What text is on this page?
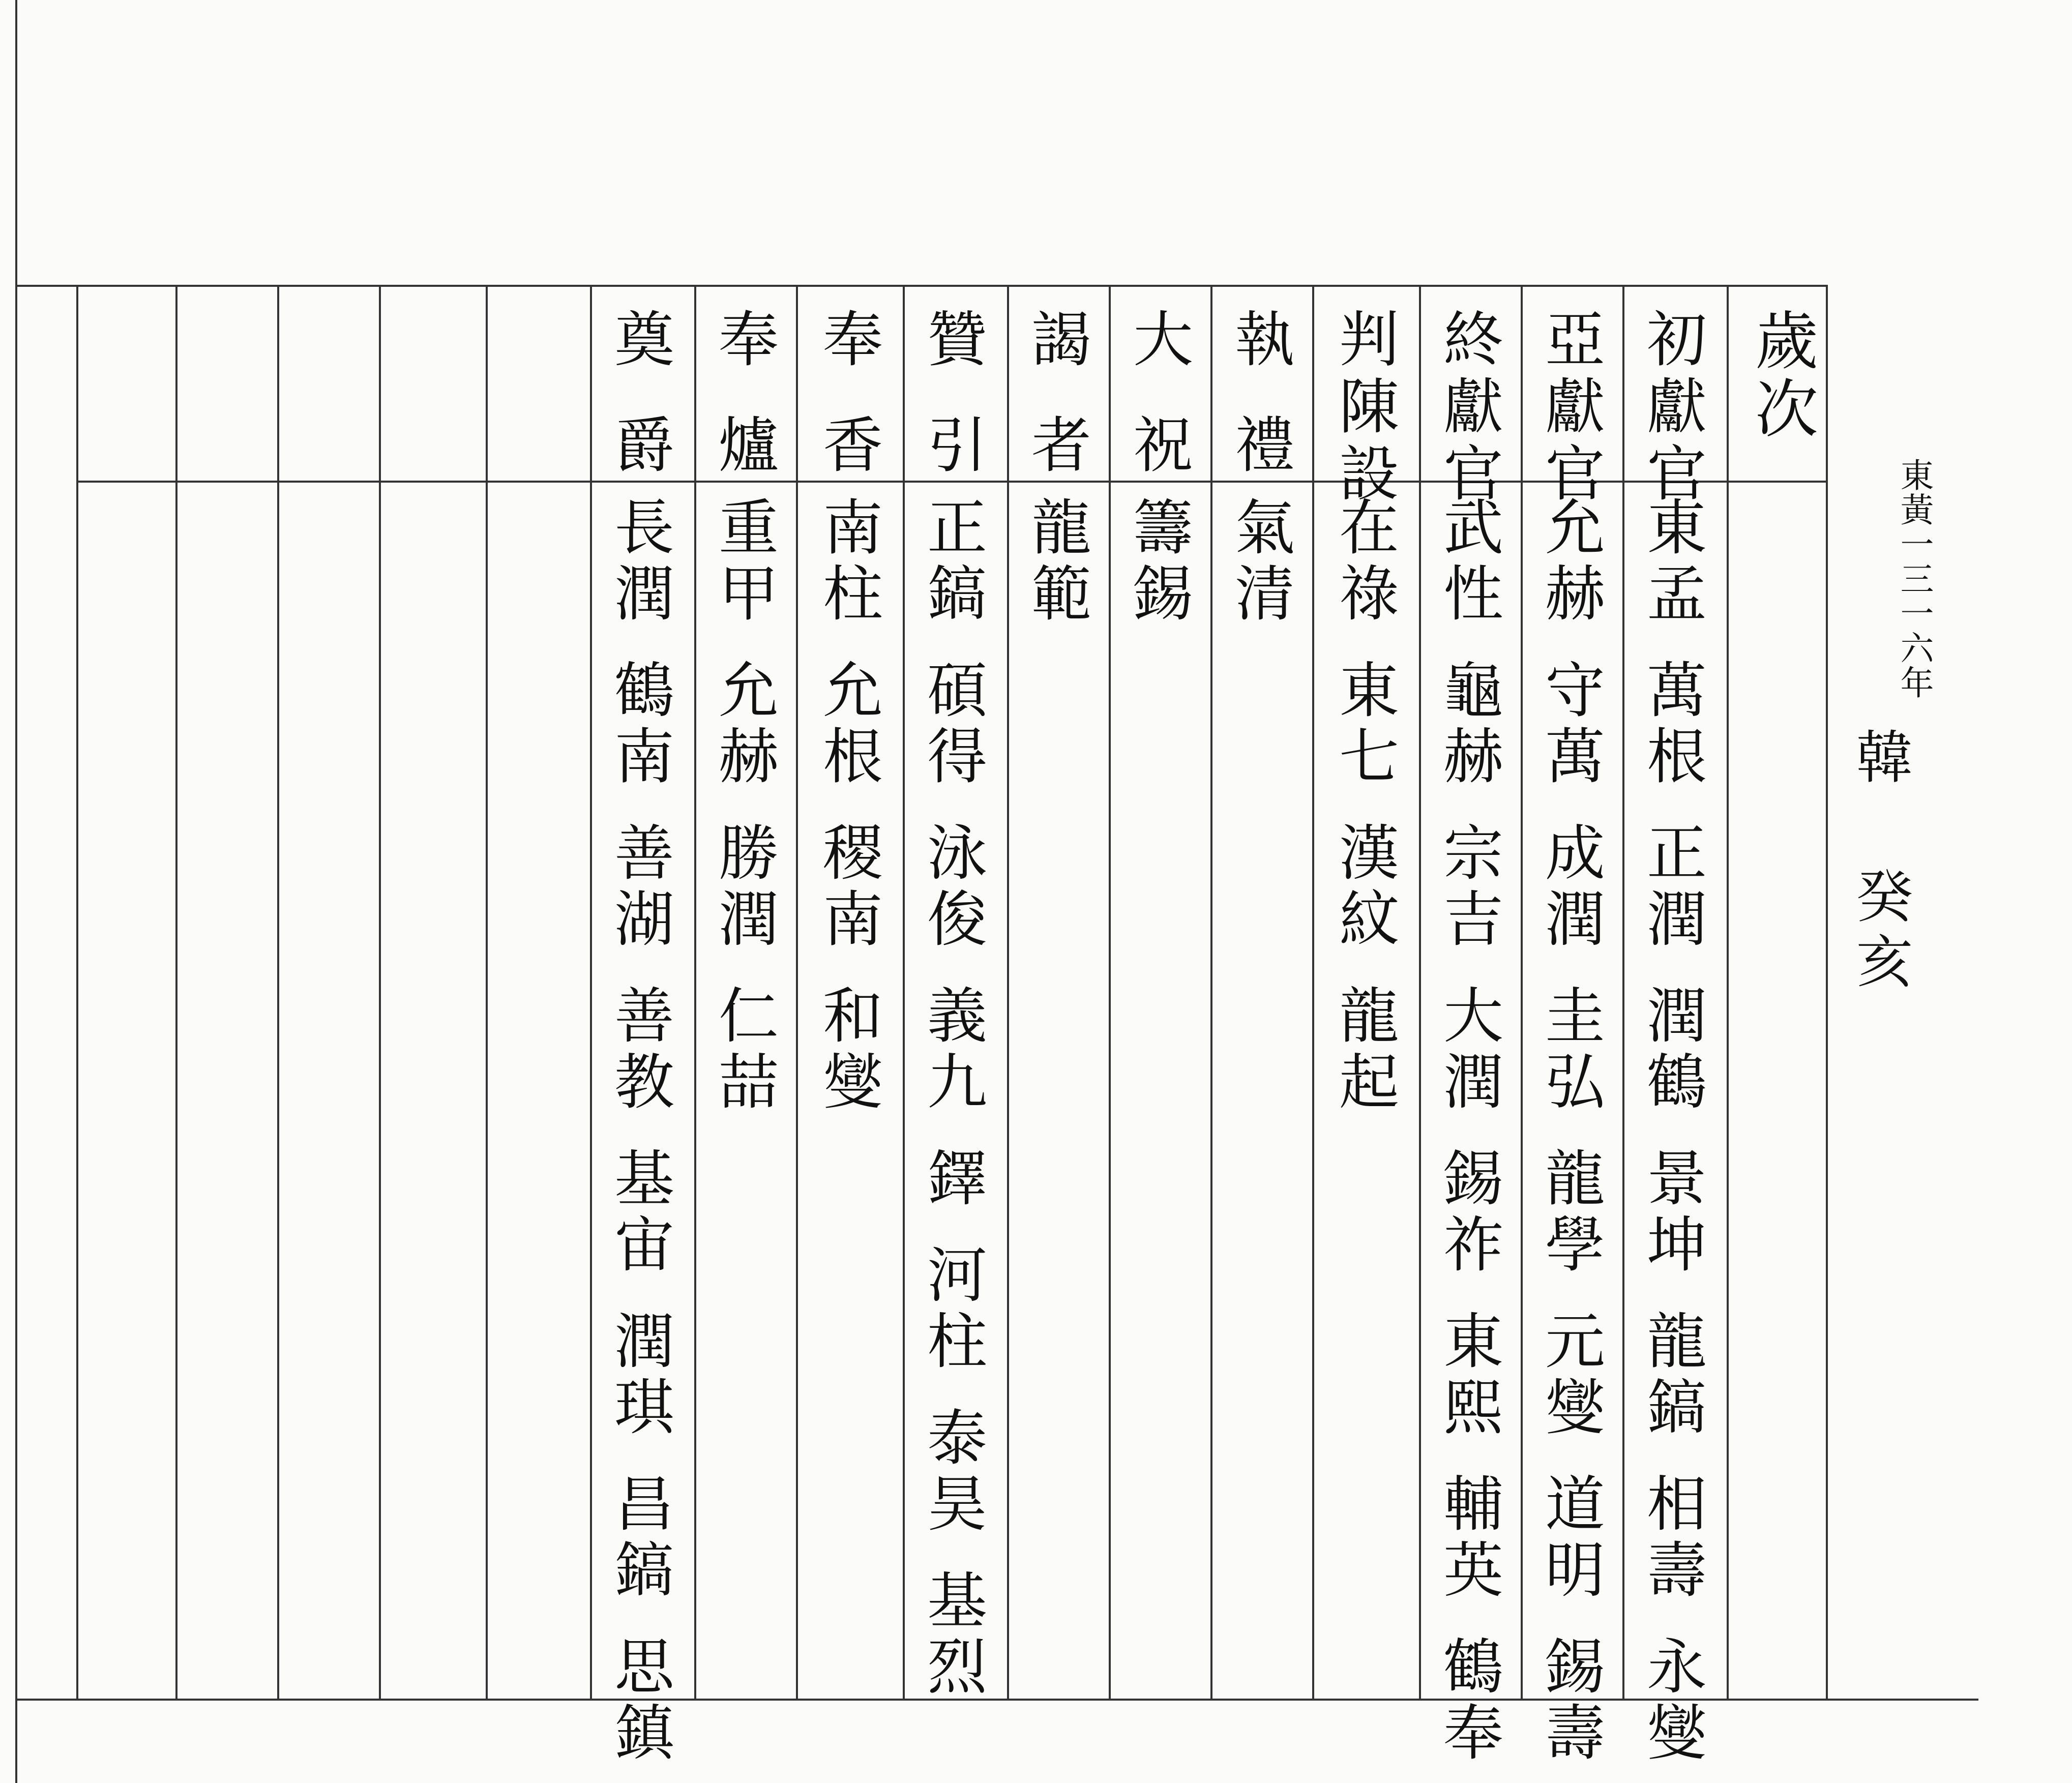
歲次
東黃一三一六年
韓 癸亥
初獻官
東孟萬根正潤潤鶴景坤龍鎬相壽永燮
亞獻官
允赫守萬成潤圭弘龍學元燮道明錫壽
終獻官
武性龜赫宗吉大潤錫祚東熙輔英鶴奉
判陳設
在祿東七漢紋龍起
執禮
氣清
大祝
籌錫
謁者
龍範
贊引
正鎬碩得泳俊義九鐸河柱泰昊基烈
奉香
南柱允根稷南和燮
奉爐
重甲允赫勝潤仁喆
奠爵
長潤鶴南善湖善教基宙潤琪昌鎬思鎮
